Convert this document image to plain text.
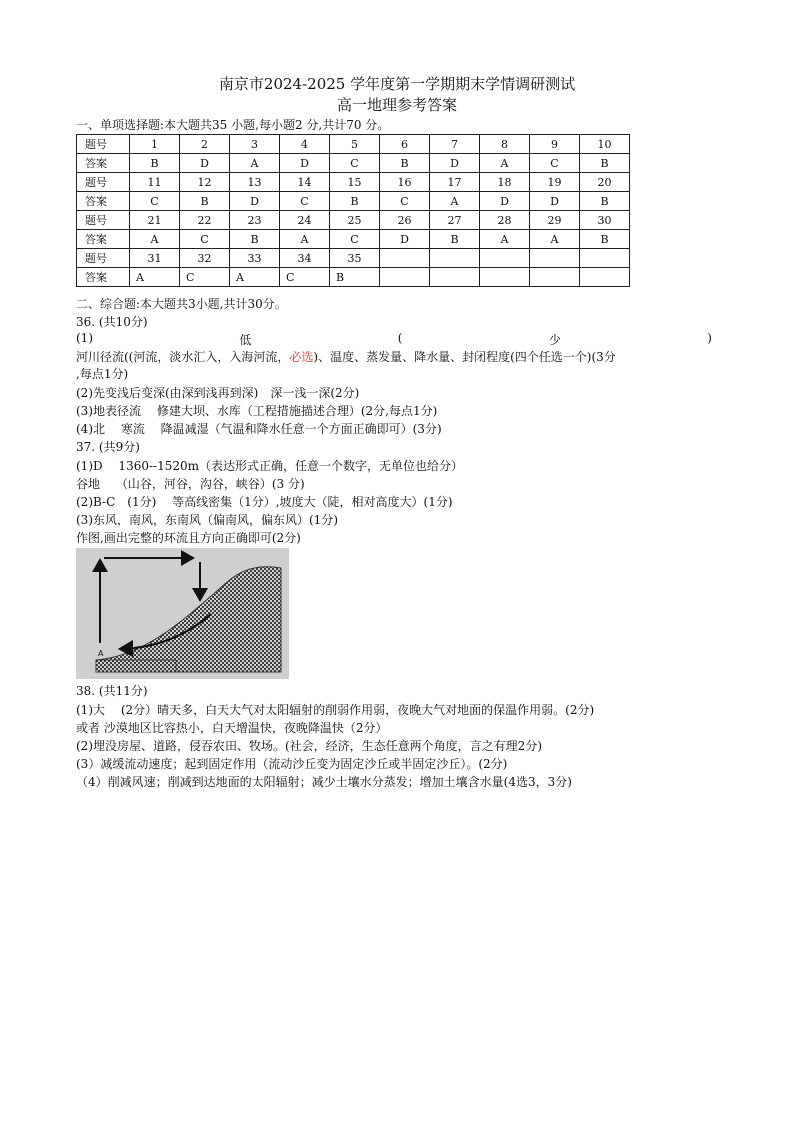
南京市2024-2025 学年度第一学期期末学情调研测试
高一地理参考答案
一、单项选择题:本大题共35 小题,每小题2 分,共计70 分。
题号	1	2	3	4	5	6	7	8	9	10
答案	B	D	A	D	C	B	D	A	C	B
题号	11	12	13	14	15	16	17	18	19	20
答案	C	B	D	C	B	C	A	D	D	B
题号	21	22	23	24	25	26	27	28	29	30
答案	A	C	B	A	C	D	B	A	A	B
题号	31	32	33	34	35					
答案	A	C	A	C	B					
二、综合题:本大题共3小题,共计30分。
36. (共10分)
(1)	低	(	少	)
河川径流((河流，淡水汇入，入海河流，必选)、温度、蒸发量、降水量、封闭程度(四个任选一个)(3分
,每点1分)
(2)先变浅后变深(由深到浅再到深)　深一浅一深(2分)
(3)地表径流　 修建大坝、水库（工程措施描述合理）(2分,每点1分)
(4)北　 寒流　 降温减湿（气温和降水任意一个方面正确即可）(3分)
37. (共9分)
(1)D　 1360--1520m（表达形式正确，任意一个数字，无单位也给分）
谷地　 （山谷，河谷，沟谷，峡谷）(3 分)
(2)B-C　(1分)　 等高线密集（1分）,坡度大（陡，相对高度大）(1分)
(3)东风，南风，东南风（偏南风，偏东风）(1分)
作图,画出完整的环流且方向正确即可(2分)
A
38. (共11分)
(1)大　 (2分）晴天多，白天大气对太阳辐射的削弱作用弱，夜晚大气对地面的保温作用弱。(2分)
或者 沙漠地区比容热小，白天增温快，夜晚降温快（2分）
(2)埋没房屋、道路，侵吞农田、牧场。(社会，经济，生态任意两个角度，言之有理2分)
(3）减缓流动速度；起到固定作用（流动沙丘变为固定沙丘或半固定沙丘）。(2分)
（4）削减风速；削减到达地面的太阳辐射；减少土壤水分蒸发；增加土壤含水量(4选3，3分)
